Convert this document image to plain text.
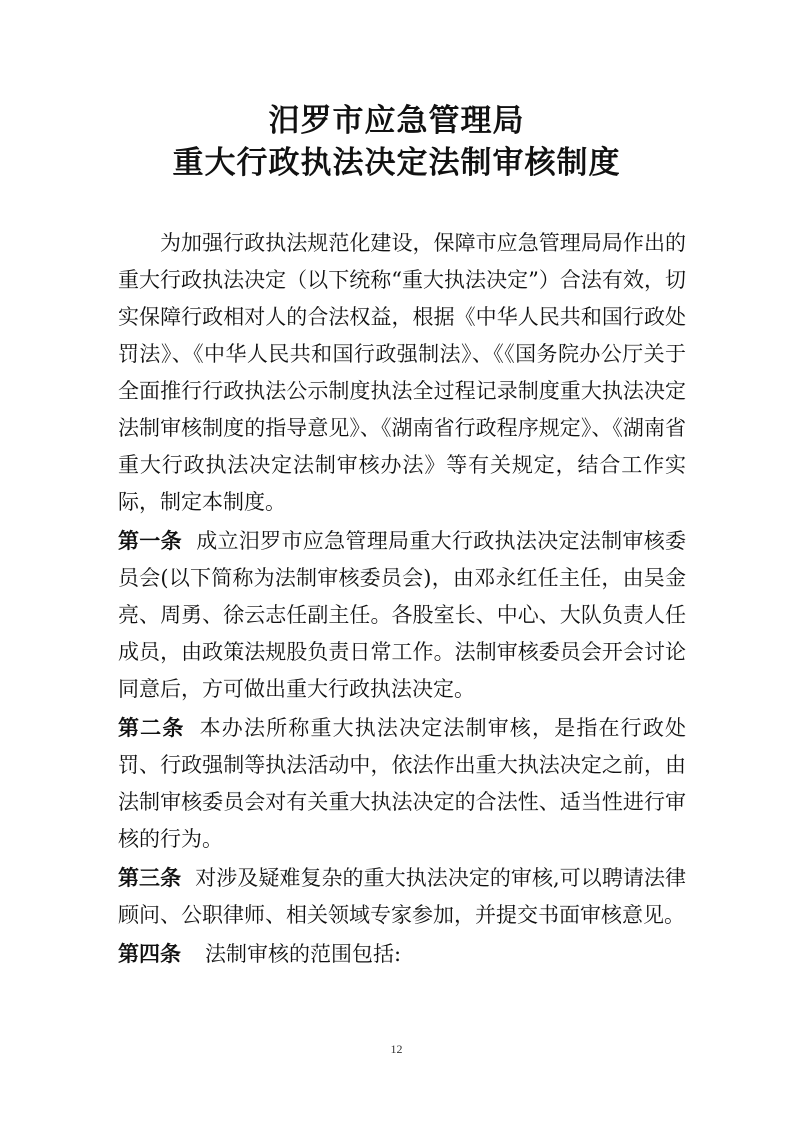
汨罗市应急管理局
重大行政执法决定法制审核制度

为加强行政执法规范化建设，保障市应急管理局局作出的重大行政执法决定（以下统称“重大执法决定”）合法有效，切实保障行政相对人的合法权益，根据《中华人民共和国行政处罚法》、《中华人民共和国行政强制法》、《《国务院办公厅关于全面推行行政执法公示制度执法全过程记录制度重大执法决定法制审核制度的指导意见》、《湖南省行政程序规定》、《湖南省重大行政执法决定法制审核办法》等有关规定，结合工作实际，制定本制度。

第一条 成立汨罗市应急管理局重大行政执法决定法制审核委员会(以下简称为法制审核委员会)，由邓永红任主任，由吴金亮、周勇、徐云志任副主任。各股室长、中心、大队负责人任成员，由政策法规股负责日常工作。法制审核委员会开会讨论同意后，方可做出重大行政执法决定。

第二条 本办法所称重大执法决定法制审核，是指在行政处罚、行政强制等执法活动中，依法作出重大执法决定之前，由法制审核委员会对有关重大执法决定的合法性、适当性进行审核的行为。

第三条 对涉及疑难复杂的重大执法决定的审核,可以聘请法律顾问、公职律师、相关领域专家参加，并提交书面审核意见。

第四条 法制审核的范围包括:

12
